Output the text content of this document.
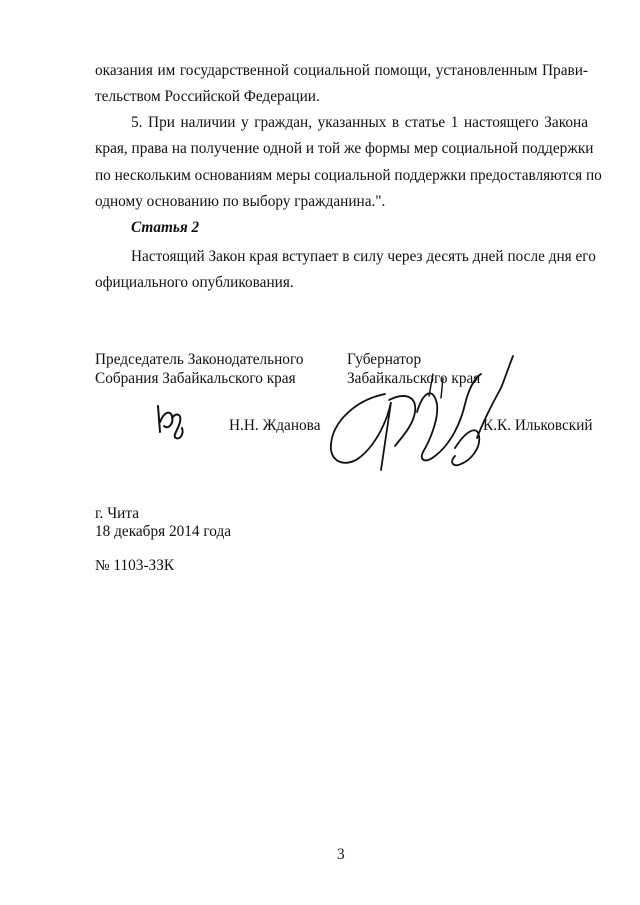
оказания им государственной социальной помощи, установленным Прави-
тельством Российской Федерации.
5. При наличии у граждан, указанных в статье 1 настоящего Закона
края, права на получение одной и той же формы мер социальной поддержки
по нескольким основаниям меры социальной поддержки предоставляются по
одному основанию по выбору гражданина.".
Статья 2
Настоящий Закон края вступает в силу через десять дней после дня его
официального опубликования.
Председатель Законодательного
Собрания Забайкальского края
Губернатор
Забайкальского края
Н.Н. Жданова	К.К. Ильковский
г. Чита
18 декабря 2014 года
№ 1103-ЗЗК
3
